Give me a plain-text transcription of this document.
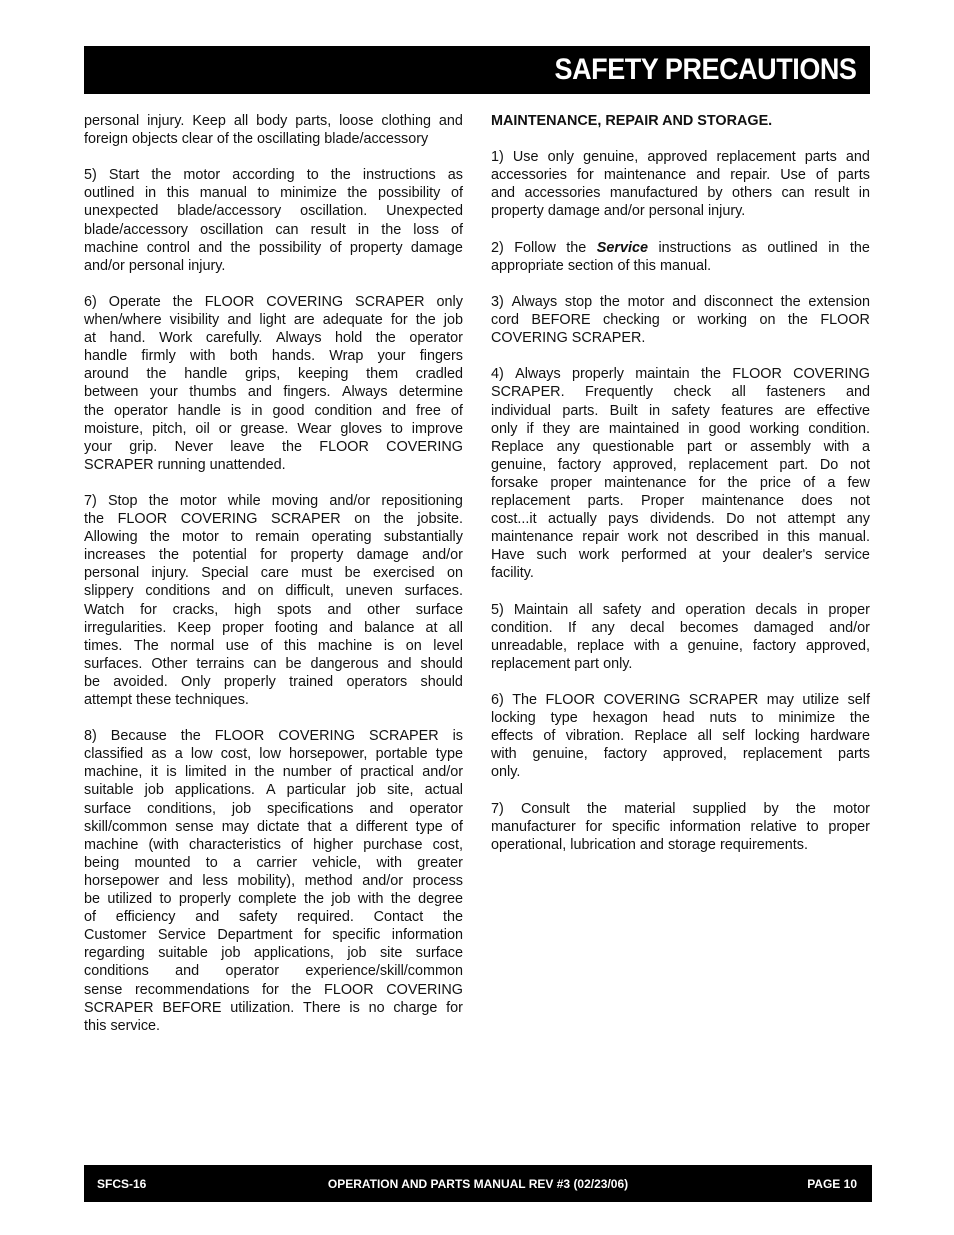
SAFETY PRECAUTIONS
personal injury. Keep all body parts, loose clothing and
foreign objects clear of the oscillating blade/accessory
5) Start the motor according to the instructions as
outlined in this manual to minimize the possibility of
unexpected blade/accessory oscillation. Unexpected
blade/accessory oscillation can result in the loss of
machine control and the possibility of property damage
and/or personal injury.
6) Operate the FLOOR COVERING SCRAPER only
when/where visibility and light are adequate for the job
at hand. Work carefully. Always hold the operator
handle firmly with both hands. Wrap your fingers
around the handle grips, keeping them cradled
between your thumbs and fingers. Always determine
the operator handle is in good condition and free of
moisture, pitch, oil or grease. Wear gloves to improve
your grip. Never leave the FLOOR COVERING
SCRAPER running unattended.
7) Stop the motor while moving and/or repositioning
the FLOOR COVERING SCRAPER on the jobsite.
Allowing the motor to remain operating substantially
increases the potential for property damage and/or
personal injury. Special care must be exercised on
slippery conditions and on difficult, uneven surfaces.
Watch for cracks, high spots and other surface
irregularities. Keep proper footing and balance at all
times. The normal use of this machine is on level
surfaces. Other terrains can be dangerous and should
be avoided. Only properly trained operators should
attempt these techniques.
8) Because the FLOOR COVERING SCRAPER is
classified as a low cost, low horsepower, portable type
machine, it is limited in the number of practical and/or
suitable job applications. A particular job site, actual
surface conditions, job specifications and operator
skill/common sense may dictate that a different type of
machine (with characteristics of higher purchase cost,
being mounted to a carrier vehicle, with greater
horsepower and less mobility), method and/or process
be utilized to properly complete the job with the degree
of efficiency and safety required. Contact the
Customer Service Department for specific information
regarding suitable job applications, job site surface
conditions and operator experience/skill/common
sense recommendations for the FLOOR COVERING
SCRAPER BEFORE utilization. There is no charge for
this service.
MAINTENANCE, REPAIR AND STORAGE.
1) Use only genuine, approved replacement parts and
accessories for maintenance and repair. Use of parts
and accessories manufactured by others can result in
property damage and/or personal injury.
2) Follow the Service instructions as outlined in the
appropriate section of this manual.
3) Always stop the motor and disconnect the extension
cord BEFORE checking or working on the FLOOR
COVERING SCRAPER.
4) Always properly maintain the FLOOR COVERING
SCRAPER. Frequently check all fasteners and
individual parts. Built in safety features are effective
only if they are maintained in good working condition.
Replace any questionable part or assembly with a
genuine, factory approved, replacement part. Do not
forsake proper maintenance for the price of a few
replacement parts. Proper maintenance does not
cost...it actually pays dividends. Do not attempt any
maintenance repair work not described in this manual.
Have such work performed at your dealer's service
facility.
5) Maintain all safety and operation decals in proper
condition. If any decal becomes damaged and/or
unreadable, replace with a genuine, factory approved,
replacement part only.
6) The FLOOR COVERING SCRAPER may utilize self
locking type hexagon head nuts to minimize the
effects of vibration. Replace all self locking hardware
with genuine, factory approved, replacement parts
only.
7) Consult the material supplied by the motor
manufacturer for specific information relative to proper
operational, lubrication and storage requirements.
SFCS-16	OPERATION AND PARTS MANUAL REV #3 (02/23/06)	PAGE 10
